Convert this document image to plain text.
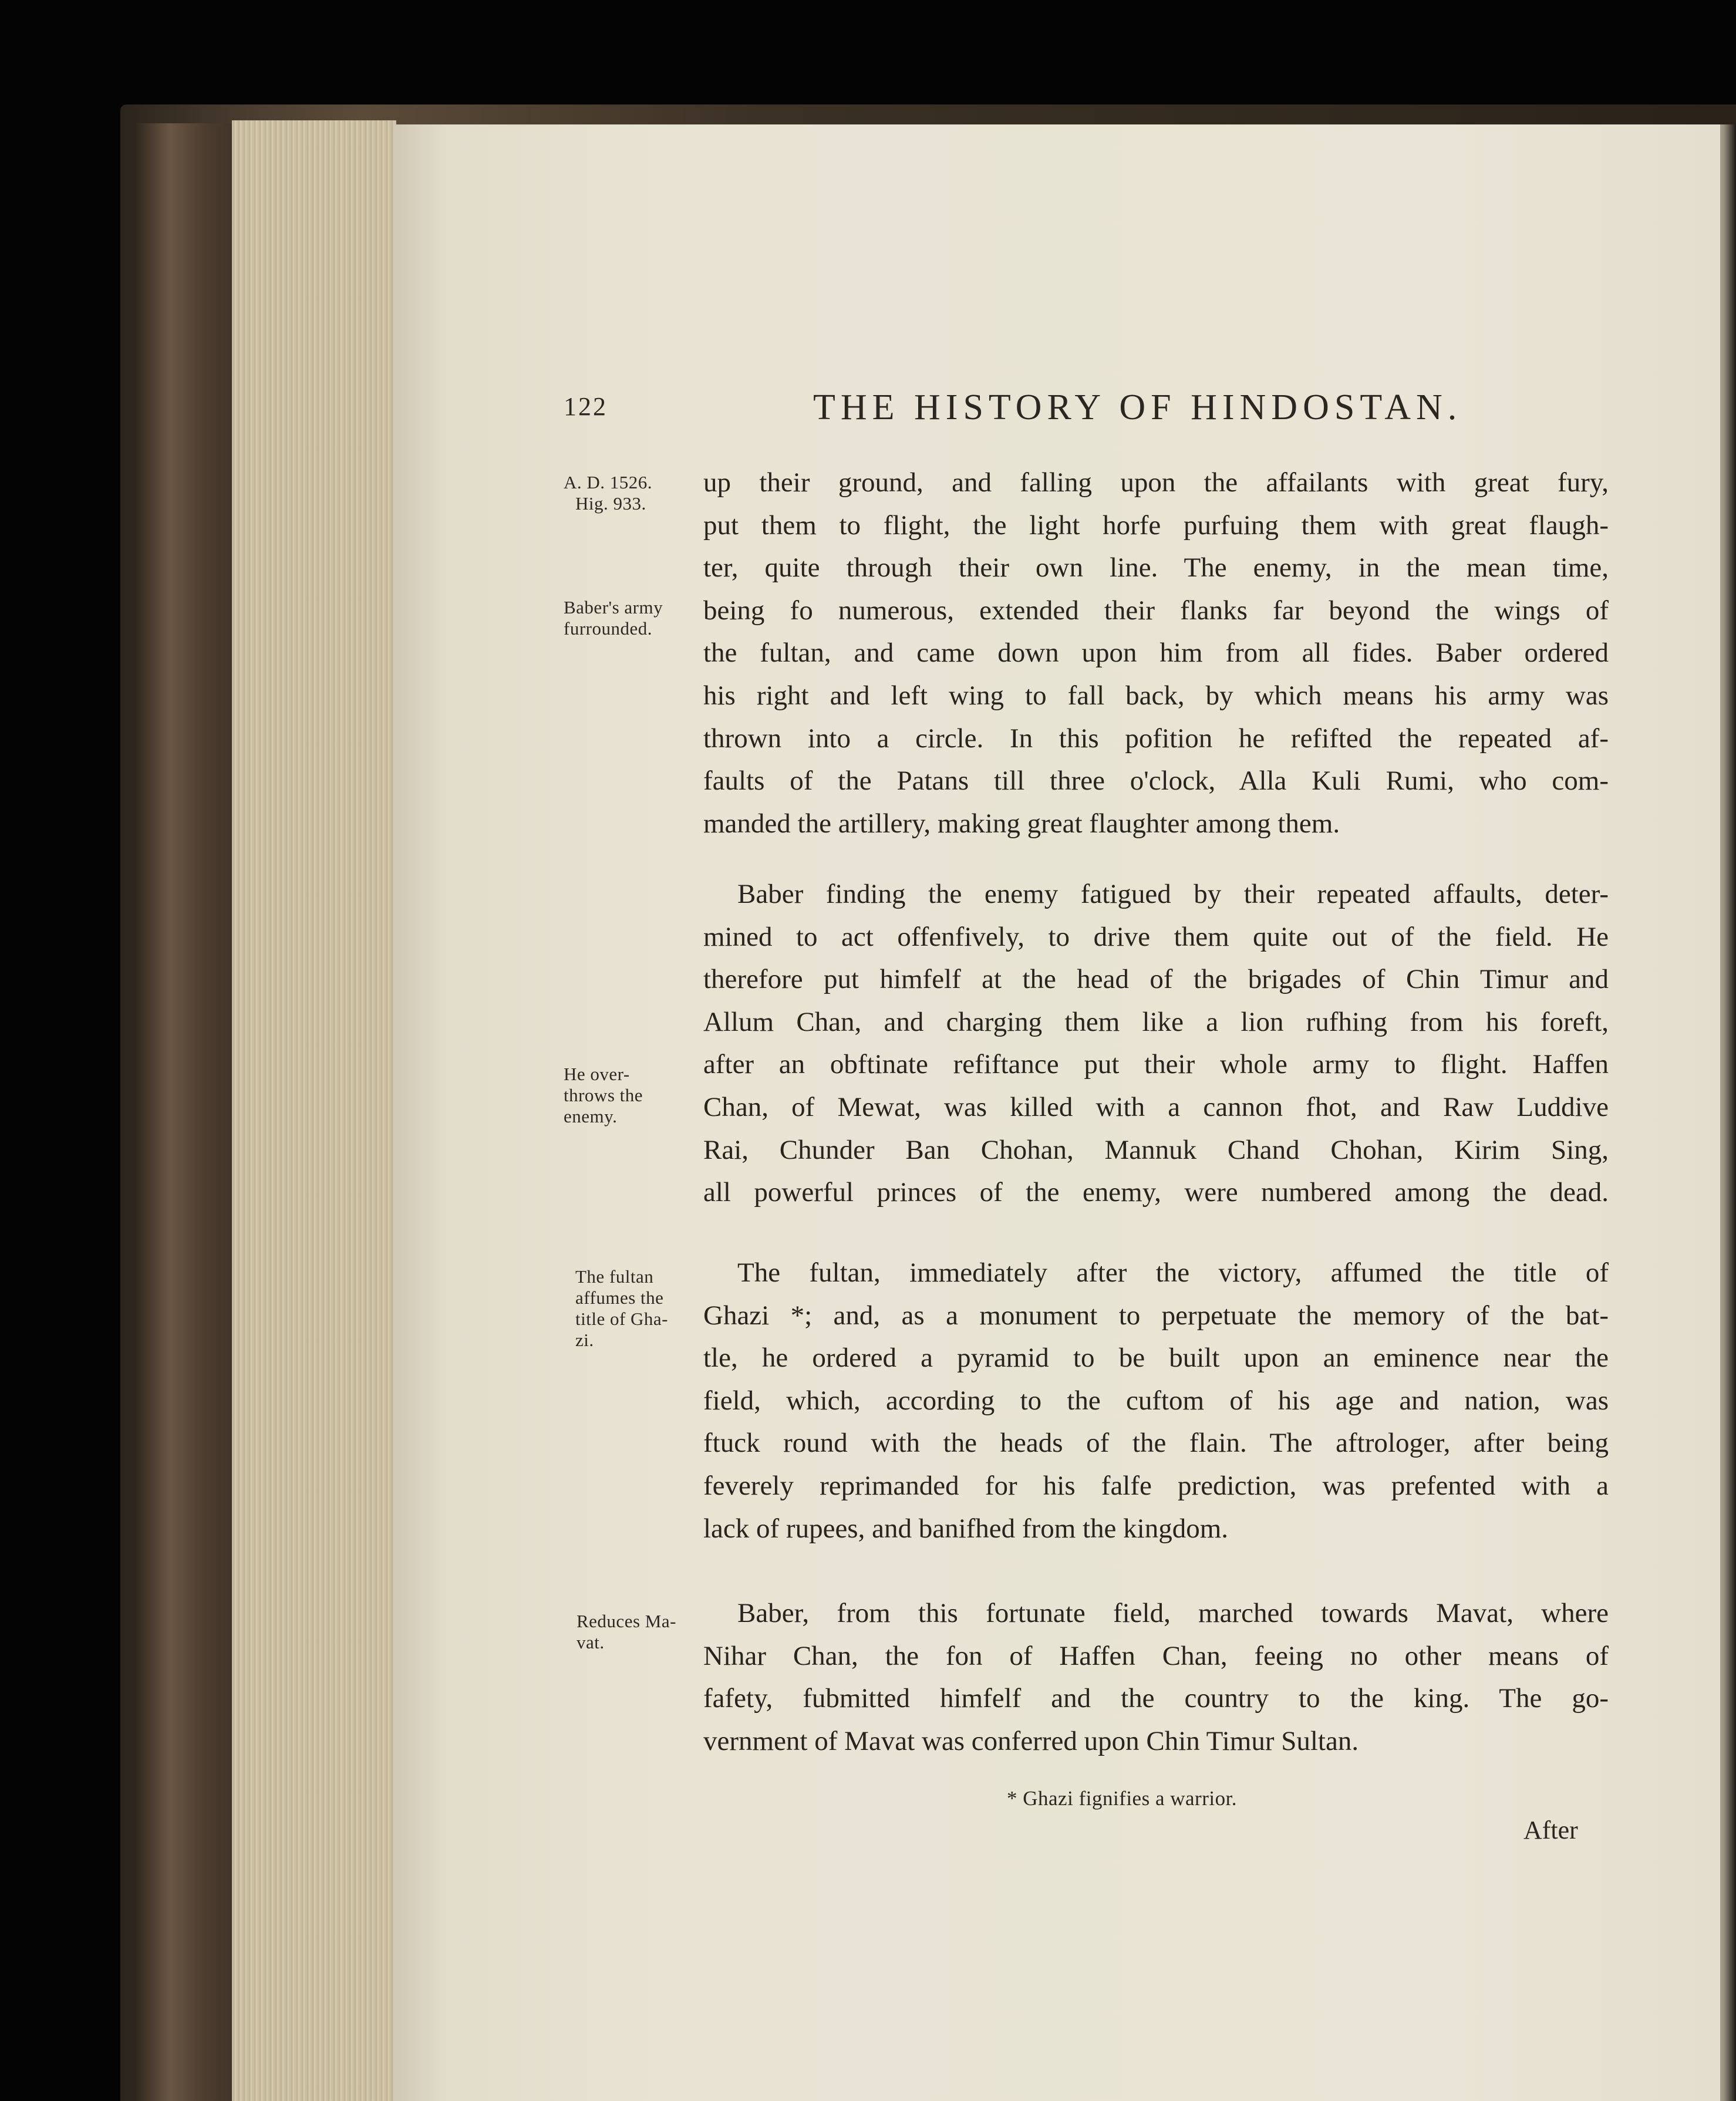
122	THE HISTORY OF HINDOSTAN.
A. D. 1526.
Hig. 933.
Baber's army
furrounded.
He over-
throws the
enemy.
The fultan
affumes the
title of Gha-
zi.
Reduces Ma-
vat.
up their ground, and falling upon the affailants with great fury,
put them to flight, the light horfe purfuing them with great flaugh-
ter, quite through their own line. The enemy, in the mean time,
being fo numerous, extended their flanks far beyond the wings of
the fultan, and came down upon him from all fides. Baber ordered
his right and left wing to fall back, by which means his army was
thrown into a circle. In this pofition he refifted the repeated af-
faults of the Patans till three o'clock, Alla Kuli Rumi, who com-
manded the artillery, making great flaughter among them.
Baber finding the enemy fatigued by their repeated affaults, deter-
mined to act offenfively, to drive them quite out of the field. He
therefore put himfelf at the head of the brigades of Chin Timur and
Allum Chan, and charging them like a lion rufhing from his foreft,
after an obftinate refiftance put their whole army to flight. Haffen
Chan, of Mewat, was killed with a cannon fhot, and Raw Luddive
Rai, Chunder Ban Chohan, Mannuk Chand Chohan, Kirim Sing,
all powerful princes of the enemy, were numbered among the dead.
The fultan, immediately after the victory, affumed the title of
Ghazi *; and, as a monument to perpetuate the memory of the bat-
tle, he ordered a pyramid to be built upon an eminence near the
field, which, according to the cuftom of his age and nation, was
ftuck round with the heads of the flain. The aftrologer, after being
feverely reprimanded for his falfe prediction, was prefented with a
lack of rupees, and banifhed from the kingdom.
Baber, from this fortunate field, marched towards Mavat, where
Nihar Chan, the fon of Haffen Chan, feeing no other means of
fafety, fubmitted himfelf and the country to the king. The go-
vernment of Mavat was conferred upon Chin Timur Sultan.
* Ghazi fignifies a warrior.
After
